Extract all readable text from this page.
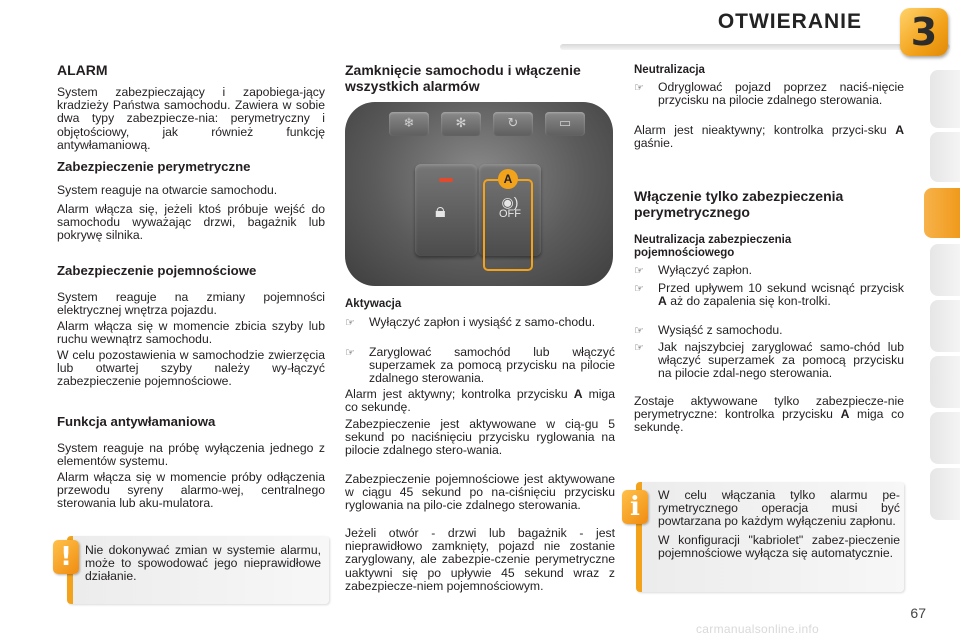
OTWIERANIE 3
ALARM

System zabezpieczający i zapobiega-jący kradzieży Państwa samochodu. Zawiera w sobie dwa typy zabezpiecze-nia: perymetryczny i objętościowy, jak również funkcję antywłamaniową.

Zabezpieczenie perymetryczne

System reaguje na otwarcie samochodu.

Alarm włącza się, jeżeli ktoś próbuje wejść do samochodu wyważając drzwi, bagażnik lub pokrywę silnika.

Zabezpieczenie pojemnościowe

System reaguje na zmiany pojemności elektrycznej wnętrza pojazdu.

Alarm włącza się w momencie zbicia szyby lub ruchu wewnątrz samochodu.

W celu pozostawienia w samochodzie zwierzęcia lub otwartej szyby należy wy-łączyć zabezpieczenie pojemnościowe.

Funkcja antywłamaniowa

System reaguje na próbę wyłączenia jednego z elementów systemu.

Alarm włącza się w momencie próby odłączenia przewodu syreny alarmo-wej, centralnego sterowania lub aku-mulatora.

Nie dokonywać zmian w systemie alarmu, może to spowodować jego nieprawidłowe działanie.

!
Zamknięcie samochodu i włączenie wszystkich alarmów
❄	✻	↻	▭
🔒︎	◉)
OFF
A
Aktywacja
☞	Wyłączyć zapłon i wysiąść z samo-chodu.
☞	Zaryglować samochód lub włączyć superzamek za pomocą przycisku na pilocie zdalnego sterowania.

Alarm jest aktywny; kontrolka przycisku A miga co sekundę.

Zabezpieczenie jest aktywowane w cią-gu 5 sekund po naciśnięciu przycisku ryglowania na pilocie zdalnego stero-wania.

Zabezpieczenie pojemnościowe jest aktywowane w ciągu 45 sekund po na-ciśnięciu przycisku ryglowania na pilo-cie zdalnego sterowania.

Jeżeli otwór - drzwi lub bagażnik - jest nieprawidłowo zamknięty, pojazd nie zostanie zaryglowany, ale zabezpie-czenie perymetryczne uaktywni się po upływie 45 sekund wraz z zabezpiecze-niem pojemnościowym.

Neutralizacja
☞	Odryglować pojazd poprzez naciś-nięcie przycisku na pilocie zdalnego sterowania.

Alarm jest nieaktywny; kontrolka przyci-sku A gaśnie.

Włączenie tylko zabezpieczenia perymetrycznego
Neutralizacja zabezpieczenia pojemnościowego
☞	Wyłączyć zapłon.
☞	Przed upływem 10 sekund wcisnąć przycisk A aż do zapalenia się kon-trolki.
☞	Wysiąść z samochodu.
☞	Jak najszybciej zaryglować samo-chód lub włączyć superzamek za pomocą przycisku na pilocie zdal-nego sterowania.

Zostaje aktywowane tylko zabezpiecze-nie perymetryczne: kontrolka przycisku A miga co sekundę.

W celu włączania tylko alarmu pe-rymetrycznego operacja musi być powtarzana po każdym wyłączeniu zapłonu.

W konfiguracji "kabriolet" zabez-pieczenie pojemnościowe wyłącza się automatycznie.

i
67
carmanualsonline.info
